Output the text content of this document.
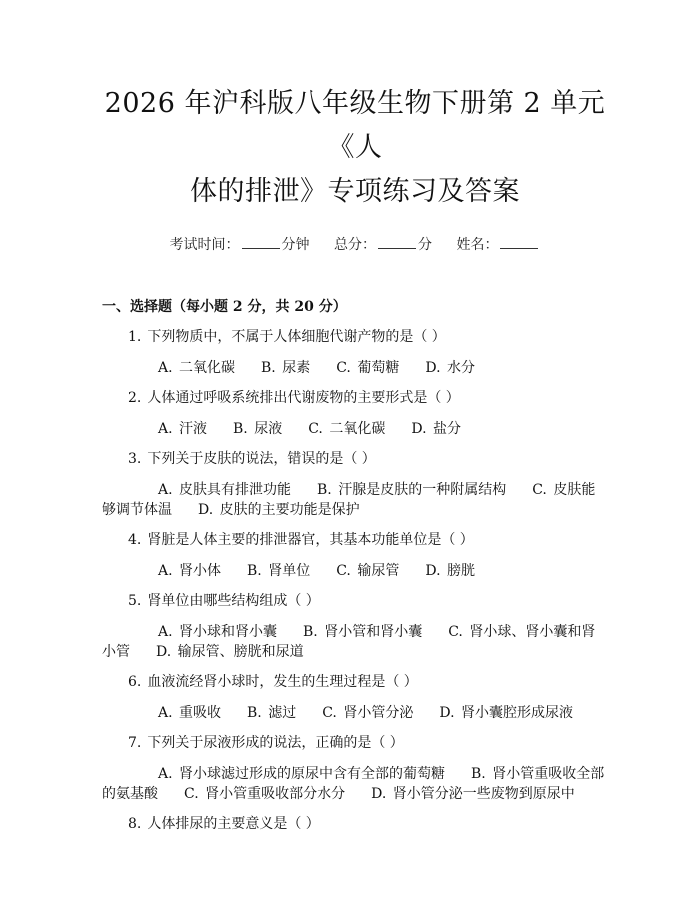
2026 年沪科版八年级生物下册第 2 单元《人
体的排泄》专项练习及答案
考试时间：	分钟 总分：	分 姓名：
一、选择题（每小题 2 分，共 20 分）
1. 下列物质中，不属于人体细胞代谢产物的是（ ）
A. 二氧化碳 B. 尿素 C. 葡萄糖 D. 水分
2. 人体通过呼吸系统排出代谢废物的主要形式是（ ）
A. 汗液 B. 尿液 C. 二氧化碳 D. 盐分
3. 下列关于皮肤的说法，错误的是（ ）
A. 皮肤具有排泄功能 B. 汗腺是皮肤的一种附属结构 C. 皮肤能够调节体温 D. 皮肤的主要功能是保护
4. 肾脏是人体主要的排泄器官，其基本功能单位是（ ）
A. 肾小体 B. 肾单位 C. 输尿管 D. 膀胱
5. 肾单位由哪些结构组成（ ）
A. 肾小球和肾小囊 B. 肾小管和肾小囊 C. 肾小球、肾小囊和肾小管 D. 输尿管、膀胱和尿道
6. 血液流经肾小球时，发生的生理过程是（ ）
A. 重吸收 B. 滤过 C. 肾小管分泌 D. 肾小囊腔形成尿液
7. 下列关于尿液形成的说法，正确的是（ ）
A. 肾小球滤过形成的原尿中含有全部的葡萄糖 B. 肾小管重吸收全部的氨基酸 C. 肾小管重吸收部分水分 D. 肾小管分泌一些废物到原尿中
8. 人体排尿的主要意义是（ ）
